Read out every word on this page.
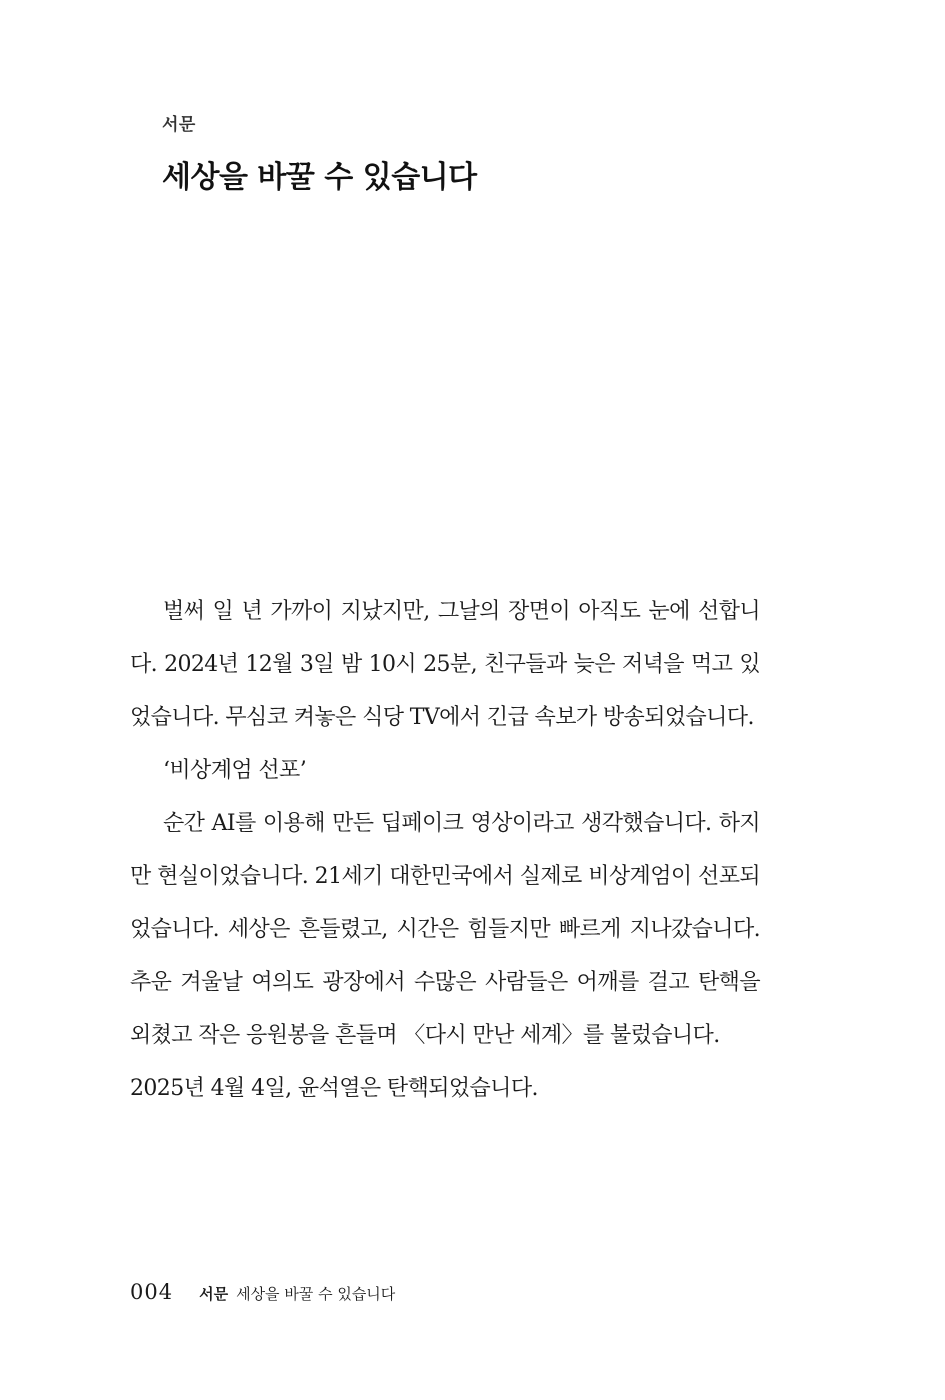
서문
세상을 바꿀 수 있습니다

벌써 일 년 가까이 지났지만, 그날의 장면이 아직도 눈에 선합니다. 2024년 12월 3일 밤 10시 25분, 친구들과 늦은 저녁을 먹고 있었습니다. 무심코 켜놓은 식당 TV에서 긴급 속보가 방송되었습니다.

‘비상계엄 선포’

순간 AI를 이용해 만든 딥페이크 영상이라고 생각했습니다. 하지만 현실이었습니다. 21세기 대한민국에서 실제로 비상계엄이 선포되었습니다. 세상은 흔들렸고, 시간은 힘들지만 빠르게 지나갔습니다. 추운 겨울날 여의도 광장에서 수많은 사람들은 어깨를 걸고 탄핵을 외쳤고 작은 응원봉을 흔들며 〈다시 만난 세계〉를 불렀습니다.

2025년 4월 4일, 윤석열은 탄핵되었습니다.

004 서문 세상을 바꿀 수 있습니다
